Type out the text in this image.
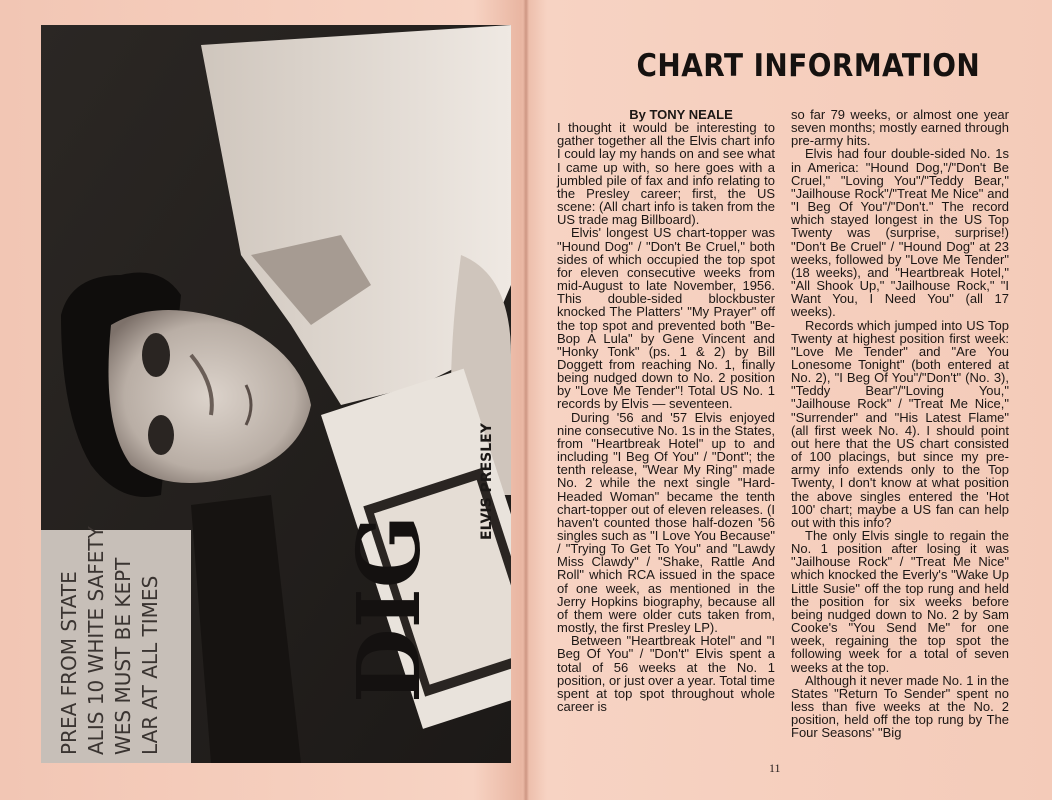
DIG
ELVIS PRESLEY
PREA FROM STATE ALIS 10 WHITE SAFETY WES MUST BE KEPT LAR AT ALL TIMES
CHART INFORMATION

By TONY NEALE

I thought it would be interesting to gather together all the Elvis chart info I could lay my hands on and see what I came up with, so here goes with a jumbled pile of fax and info relating to the Presley career; first, the US scene: (All chart info is taken from the US trade mag Billboard).

Elvis' longest US chart-topper was "Hound Dog" / "Don't Be Cruel," both sides of which occupied the top spot for eleven consecutive weeks from mid-August to late November, 1956. This double-sided blockbuster knocked The Platters' "My Prayer" off the top spot and prevented both "Be-Bop A Lula" by Gene Vincent and "Honky Tonk" (ps. 1 & 2) by Bill Doggett from reaching No. 1, finally being nudged down to No. 2 position by "Love Me Tender"! Total US No. 1 records by Elvis — seventeen.

During '56 and '57 Elvis enjoyed nine consecutive No. 1s in the States, from "Heartbreak Hotel" up to and including "I Beg Of You" / "Dont"; the tenth release, "Wear My Ring" made No. 2 while the next single "Hard-Headed Woman" became the tenth chart-topper out of eleven releases. (I haven't counted those half-dozen '56 singles such as "I Love You Because" / "Trying To Get To You" and "Lawdy Miss Clawdy" / "Shake, Rattle And Roll" which RCA issued in the space of one week, as mentioned in the Jerry Hopkins biography, because all of them were older cuts taken from, mostly, the first Presley LP).

Between "Heartbreak Hotel" and "I Beg Of You" / "Don't" Elvis spent a total of 56 weeks at the No. 1 position, or just over a year. Total time spent at top spot throughout whole career is

so far 79 weeks, or almost one year seven months; mostly earned through pre-army hits.

Elvis had four double-sided No. 1s in America: "Hound Dog,"/"Don't Be Cruel," "Loving You"/"Teddy Bear," "Jailhouse Rock"/"Treat Me Nice" and "I Beg Of You"/"Don't." The record which stayed longest in the US Top Twenty was (surprise, surprise!) "Don't Be Cruel" / "Hound Dog" at 23 weeks, followed by "Love Me Tender" (18 weeks), and "Heartbreak Hotel," "All Shook Up," "Jailhouse Rock," "I Want You, I Need You" (all 17 weeks).

Records which jumped into US Top Twenty at highest position first week: "Love Me Tender" and "Are You Lonesome Tonight" (both entered at No. 2), "I Beg Of You"/"Don't" (No. 3), "Teddy Bear"/"Loving You," "Jailhouse Rock" / "Treat Me Nice," "Surrender" and "His Latest Flame" (all first week No. 4). I should point out here that the US chart consisted of 100 placings, but since my pre-army info extends only to the Top Twenty, I don't know at what position the above singles entered the 'Hot 100' chart; maybe a US fan can help out with this info?

The only Elvis single to regain the No. 1 position after losing it was "Jailhouse Rock" / "Treat Me Nice" which knocked the Everly's "Wake Up Little Susie" off the top rung and held the position for six weeks before being nudged down to No. 2 by Sam Cooke's "You Send Me" for one week, regaining the top spot the following week for a total of seven weeks at the top.

Although it never made No. 1 in the States "Return To Sender" spent no less than five weeks at the No. 2 position, held off the top rung by The Four Seasons' "Big

11
